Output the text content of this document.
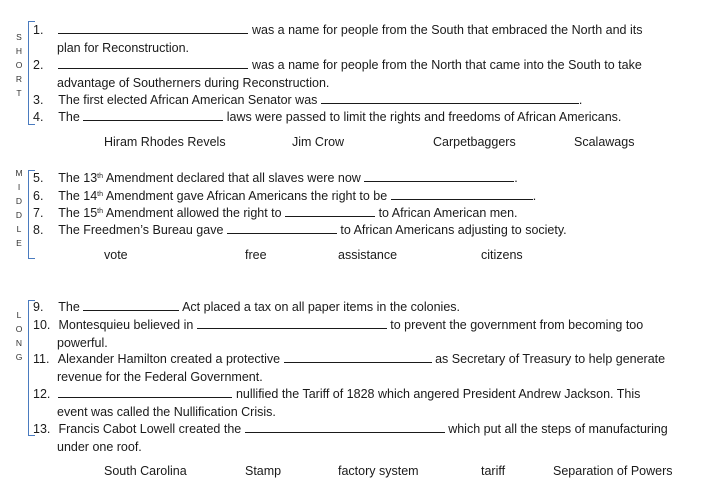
S
H
O
R
T
M
I
D
D
L
E
L
O
N
G
1.	was a name for people from the South that embraced the North and its
plan for Reconstruction.
2.	was a name for people from the North that came into the South to take
advantage of Southerners during Reconstruction.
3. The first elected African American Senator was	.
4. The	laws were passed to limit the rights and freedoms of African Americans.
Hiram Rhodes Revels	Jim Crow	Carpetbaggers	Scalawags
5. The 13th Amendment declared that all slaves were now	.
6. The 14th Amendment gave African Americans the right to be	.
7. The 15th Amendment allowed the right to	to African American men.
8. The Freedmen’s Bureau gave	to African Americans adjusting to society.
vote	free	assistance	citizens
9. The	Act placed a tax on all paper items in the colonies.
10. Montesquieu believed in	to prevent the government from becoming too
powerful.
11. Alexander Hamilton created a protective	as Secretary of Treasury to help generate
revenue for the Federal Government.
12.	nullified the Tariff of 1828 which angered President Andrew Jackson. This
event was called the Nullification Crisis.
13. Francis Cabot Lowell created the	which put all the steps of manufacturing
under one roof.
South Carolina	Stamp	factory system	tariff	Separation of Powers
